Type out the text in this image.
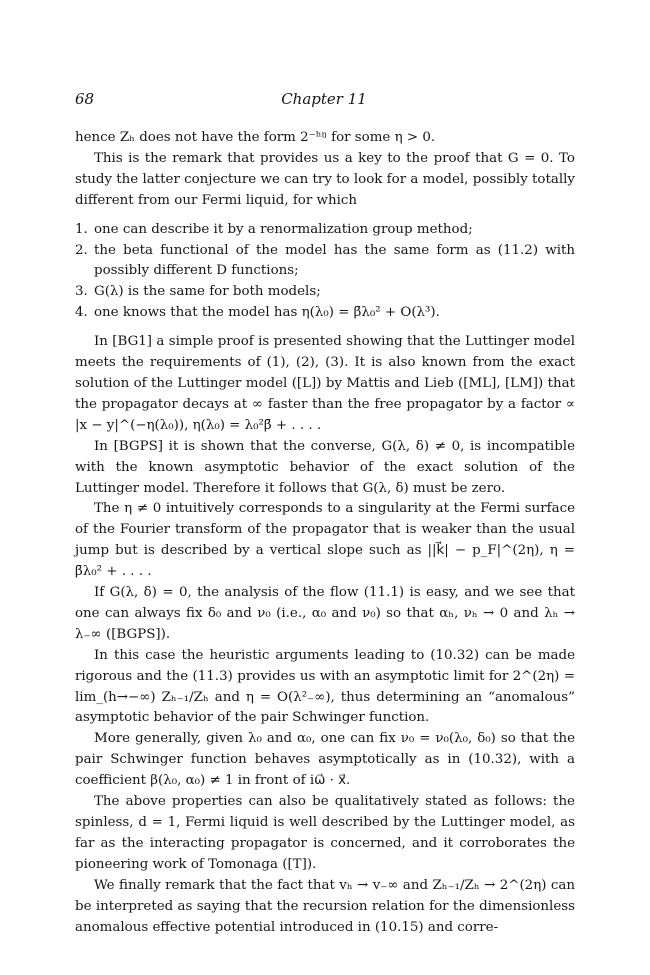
68	Chapter 11

hence Zₕ does not have the form 2⁻ʰᵑ for some η > 0.

This is the remark that provides us a key to the proof that G = 0. To study the latter conjecture we can try to look for a model, possibly totally different from our Fermi liquid, for which

1. one can describe it by a renormalization group method;
2. the beta functional of the model has the same form as (11.2) with possibly different D functions;
3. G(λ) is the same for both models;
4. one knows that the model has η(λ₀) = β̄λ₀² + O(λ³).

In [BG1] a simple proof is presented showing that the Luttinger model meets the requirements of (1), (2), (3). It is also known from the exact solution of the Luttinger model ([L]) by Mattis and Lieb ([ML], [LM]) that the propagator decays at ∞ faster than the free propagator by a factor ∝ |x − y|^(−η(λ₀)), η(λ₀) = λ₀²β̄ + . . . .

In [BGPS] it is shown that the converse, G(λ, δ) ≠ 0, is incompatible with the known asymptotic behavior of the exact solution of the Luttinger model. Therefore it follows that G(λ, δ) must be zero.

The η ≠ 0 intuitively corresponds to a singularity at the Fermi surface of the Fourier transform of the propagator that is weaker than the usual jump but is described by a vertical slope such as ||k⃗| − p_F|^(2η), η = β̄λ₀² + . . . .

If G(λ, δ) = 0, the analysis of the flow (11.1) is easy, and we see that one can always fix δ₀ and ν₀ (i.e., α₀ and ν₀) so that αₕ, νₕ → 0 and λₕ → λ₋∞ ([BGPS]).

In this case the heuristic arguments leading to (10.32) can be made rigorous and the (11.3) provides us with an asymptotic limit for 2^(2η) = lim_(h→−∞) Zₕ₋₁/Zₕ and η = O(λ²₋∞), thus determining an “anomalous” asymptotic behavior of the pair Schwinger function.

More generally, given λ₀ and α₀, one can fix ν₀ = ν₀(λ₀, δ₀) so that the pair Schwinger function behaves asymptotically as in (10.32), with a coefficient β(λ₀, α₀) ≠ 1 in front of iω⃗ · x⃗.

The above properties can also be qualitatively stated as follows: the spinless, d = 1, Fermi liquid is well described by the Luttinger model, as far as the interacting propagator is concerned, and it corroborates the pioneering work of Tomonaga ([T]).

We finally remark that the fact that vₕ → v₋∞ and Zₕ₋₁/Zₕ → 2^(2η) can be interpreted as saying that the recursion relation for the dimensionless anomalous effective potential introduced in (10.15) and corre-
